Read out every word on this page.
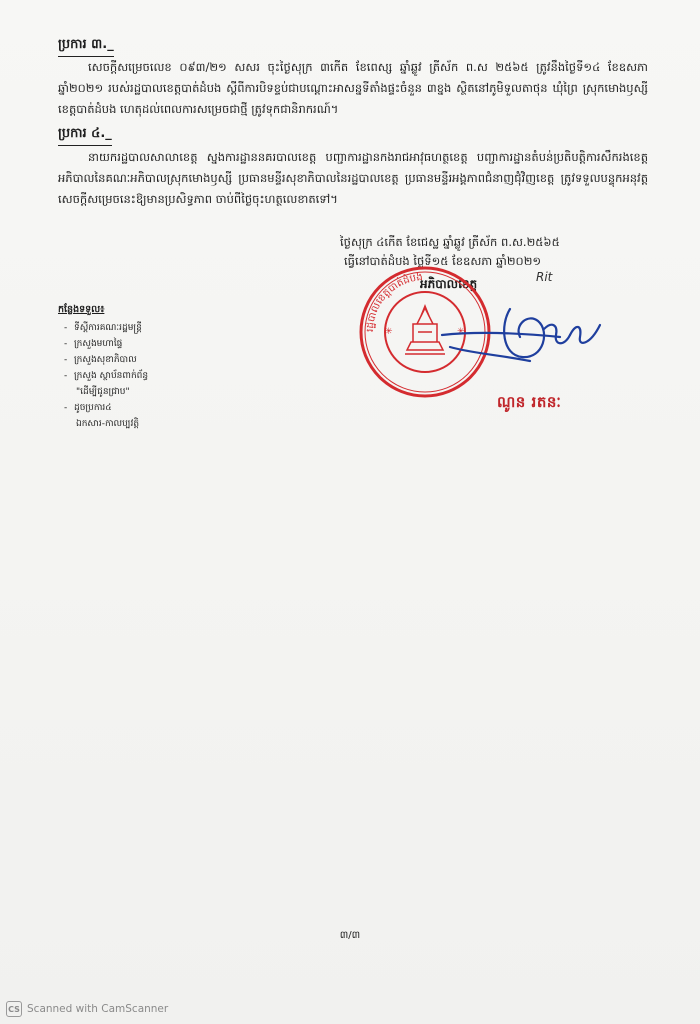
ប្រការ ៣._
សេចក្តីសម្រេចលេខ ០៩៣/២១ សសរ ចុះថ្ងៃសុក្រ ៣កើត ខែពេស្ស ឆ្នាំឆ្លូវ ត្រីស័ក ព.ស ២៥៦៥ ត្រូវនឹងថ្ងៃទី១៤ ខែឧសភា ឆ្នាំ២០២១ របស់រដ្ឋបាលខេត្តបាត់ដំបង ស្តីពីការបិទខ្ទប់ជាបណ្តោះអាសន្នទីតាំងផ្ទះចំនួន ៣ខ្នង ស្ថិតនៅភូមិទួលតាថុន ឃុំព្រៃ ស្រុកមោងឫស្សី ខេត្តបាត់ដំបង ហេតុដល់ពេលការសម្រេចជាថ្មី ត្រូវទុកជានិរាករណ៍។
ប្រការ ៤._
នាយករដ្ឋបាលសាលាខេត្ត ស្នងការដ្ឋាននគរបាលខេត្ត បញ្ជាការដ្ឋានកងរាជអាវុធហត្ថខេត្ត បញ្ជាការដ្ឋានតំបន់ប្រតិបត្តិការសឹករងខេត្ត អភិបាលនៃគណៈអភិបាលស្រុកមោងឫស្សី ប្រធានមន្ទីរសុខាភិបាលនៃរដ្ឋបាលខេត្ត ប្រធានមន្ទីរអង្គភាពជំនាញជុំវិញខេត្ត ត្រូវទទួលបន្ទុកអនុវត្តសេចក្តីសម្រេចនេះឱ្យមានប្រសិទ្ធភាព ចាប់ពីថ្ងៃចុះហត្ថលេខាតទៅ។
ថ្ងៃសុក្រ ៤កើត ខែជេស្ឋ ឆ្នាំឆ្លូវ ត្រីស័ក ព.ស.២៥៦៥
ធ្វើនៅបាត់ដំបង ថ្ងៃទី១៥ ខែឧសភា ឆ្នាំ២០២១
អភិបាលខេត្ត	Rit
រដ្ឋបាលខេត្តបាត់ដំបង
✳	✳
ណូន រតនៈ
កន្លែងទទួល៖
- ទីស្តីការគណៈរដ្ឋមន្ត្រី
- ក្រសួងមហាផ្ទៃ
- ក្រសួងសុខាភិបាល
- ក្រសួង ស្ថាប័នពាក់ព័ន្ធ
"ដើម្បីជូនជ្រាប"
- ដូចប្រការ៤
ឯកសារ-កាលប្បវត្តិ
៣/៣
CS Scanned with CamScanner
